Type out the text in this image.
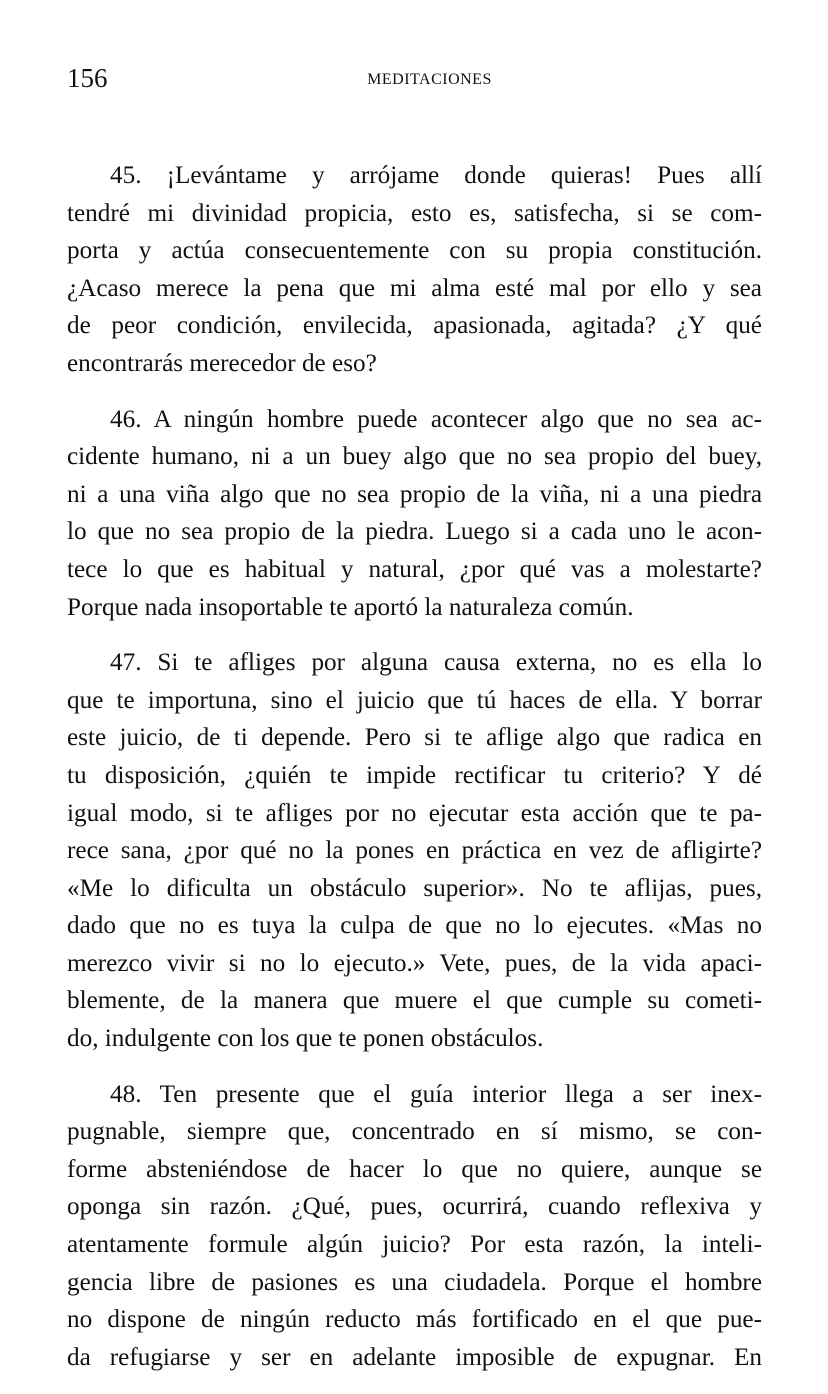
156	MEDITACIONES

45. ¡Levántame y arrójame donde quieras! Pues allí
tendré mi divinidad propicia, esto es, satisfecha, si se com-
porta y actúa consecuentemente con su propia constitución.
¿Acaso merece la pena que mi alma esté mal por ello y sea
de peor condición, envilecida, apasionada, agitada? ¿Y qué
encontrarás merecedor de eso?

46. A ningún hombre puede acontecer algo que no sea ac-
cidente humano, ni a un buey algo que no sea propio del buey,
ni a una viña algo que no sea propio de la viña, ni a una piedra
lo que no sea propio de la piedra. Luego si a cada uno le acon-
tece lo que es habitual y natural, ¿por qué vas a molestarte?
Porque nada insoportable te aportó la naturaleza común.

47. Si te afliges por alguna causa externa, no es ella lo
que te importuna, sino el juicio que tú haces de ella. Y borrar
este juicio, de ti depende. Pero si te aflige algo que radica en
tu disposición, ¿quién te impide rectificar tu criterio? Y dé
igual modo, si te afliges por no ejecutar esta acción que te pa-
rece sana, ¿por qué no la pones en práctica en vez de afligirte?
«Me lo dificulta un obstáculo superior». No te aflijas, pues,
dado que no es tuya la culpa de que no lo ejecutes. «Mas no
merezco vivir si no lo ejecuto.» Vete, pues, de la vida apaci-
blemente, de la manera que muere el que cumple su cometi-
do, indulgente con los que te ponen obstáculos.

48. Ten presente que el guía interior llega a ser inex-
pugnable, siempre que, concentrado en sí mismo, se con-
forme absteniéndose de hacer lo que no quiere, aunque se
oponga sin razón. ¿Qué, pues, ocurrirá, cuando reflexiva y
atentamente formule algún juicio? Por esta razón, la inteli-
gencia libre de pasiones es una ciudadela. Porque el hombre
no dispone de ningún reducto más fortificado en el que pue-
da refugiarse y ser en adelante imposible de expugnar. En
